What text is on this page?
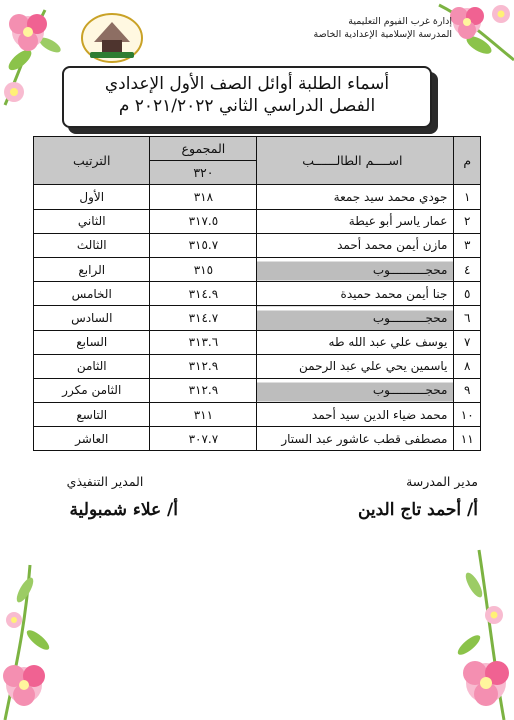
إدارة غرب الفيوم التعليمية
المدرسة الإسلامية الإعدادية الخاصة
أسماء الطلبة أوائل الصف الأول الإعدادي
الفصل الدراسي الثاني ٢٠٢١/٢٠٢٢ م
الترتيب	المجموع	اســــم الطالــــــب	م
	٣٢٠		
الأول	٣١٨	جودي محمد سيد جمعة	١
الثاني	٣١٧.٥	عمار ياسر أبو عيطة	٢
الثالث	٣١٥.٧	مازن أيمن محمد أحمد	٣
الرابع	٣١٥	محجــــــــــوب	٤
الخامس	٣١٤.٩	جنا أيمن محمد حميدة	٥
السادس	٣١٤.٧	محجــــــــــوب	٦
السابع	٣١٣.٦	يوسف علي عبد الله طه	٧
الثامن	٣١٢.٩	ياسمين يحي علي عبد الرحمن	٨
الثامن مكرر	٣١٢.٩	محجــــــــــوب	٩
التاسع	٣١١	محمد ضياء الدين سيد أحمد	١٠
العاشر	٣٠٧.٧	مصطفى قطب عاشور عبد الستار	١١
مدير المدرسة
أ/ أحمد تاج الدين
المدير التنفيذي
أ/ علاء شمبولية
